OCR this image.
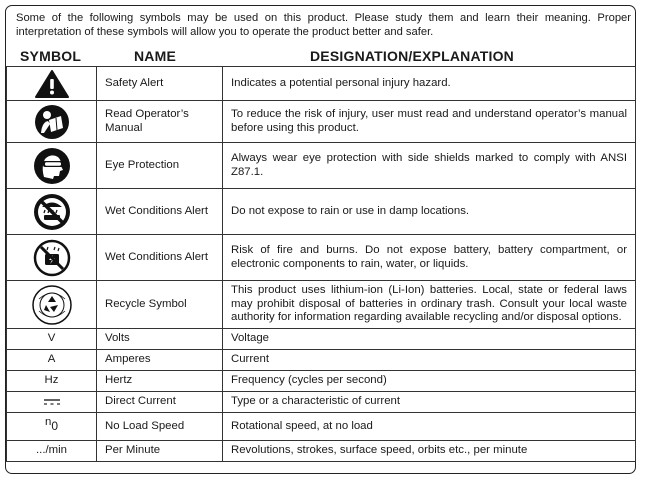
Some of the following symbols may be used on this product. Please study them and learn their meaning. Proper interpretation of these symbols will allow you to operate the product better and safer.
SYMBOL	NAME	DESIGNATION/EXPLANATION
	Safety Alert	Indicates a potential personal injury hazard.

	Read Operator’s Manual	To reduce the risk of injury, user must read and understand operator’s manual before using this product.

	Eye Protection	Always wear eye protection with side shields marked to comply with ANSI Z87.1.

	Wet Conditions Alert	Do not expose to rain or use in damp locations.

	Wet Conditions Alert	Risk of fire and burns. Do not expose battery, battery compartment, or electronic components to rain, water, or liquids.

	Recycle Symbol	This product uses lithium-ion (Li-Ion) batteries. Local, state or federal laws may prohibit disposal of batteries in ordinary trash. Consult your local waste authority for information regarding available recycling and/or disposal options.
V	Volts	Voltage
A	Amperes	Current
Hz	Hertz	Frequency (cycles per second)

	Direct Current	Type or a characteristic of current
n0	No Load Speed	Rotational speed, at no load
.../min	Per Minute	Revolutions, strokes, surface speed, orbits etc., per minute
